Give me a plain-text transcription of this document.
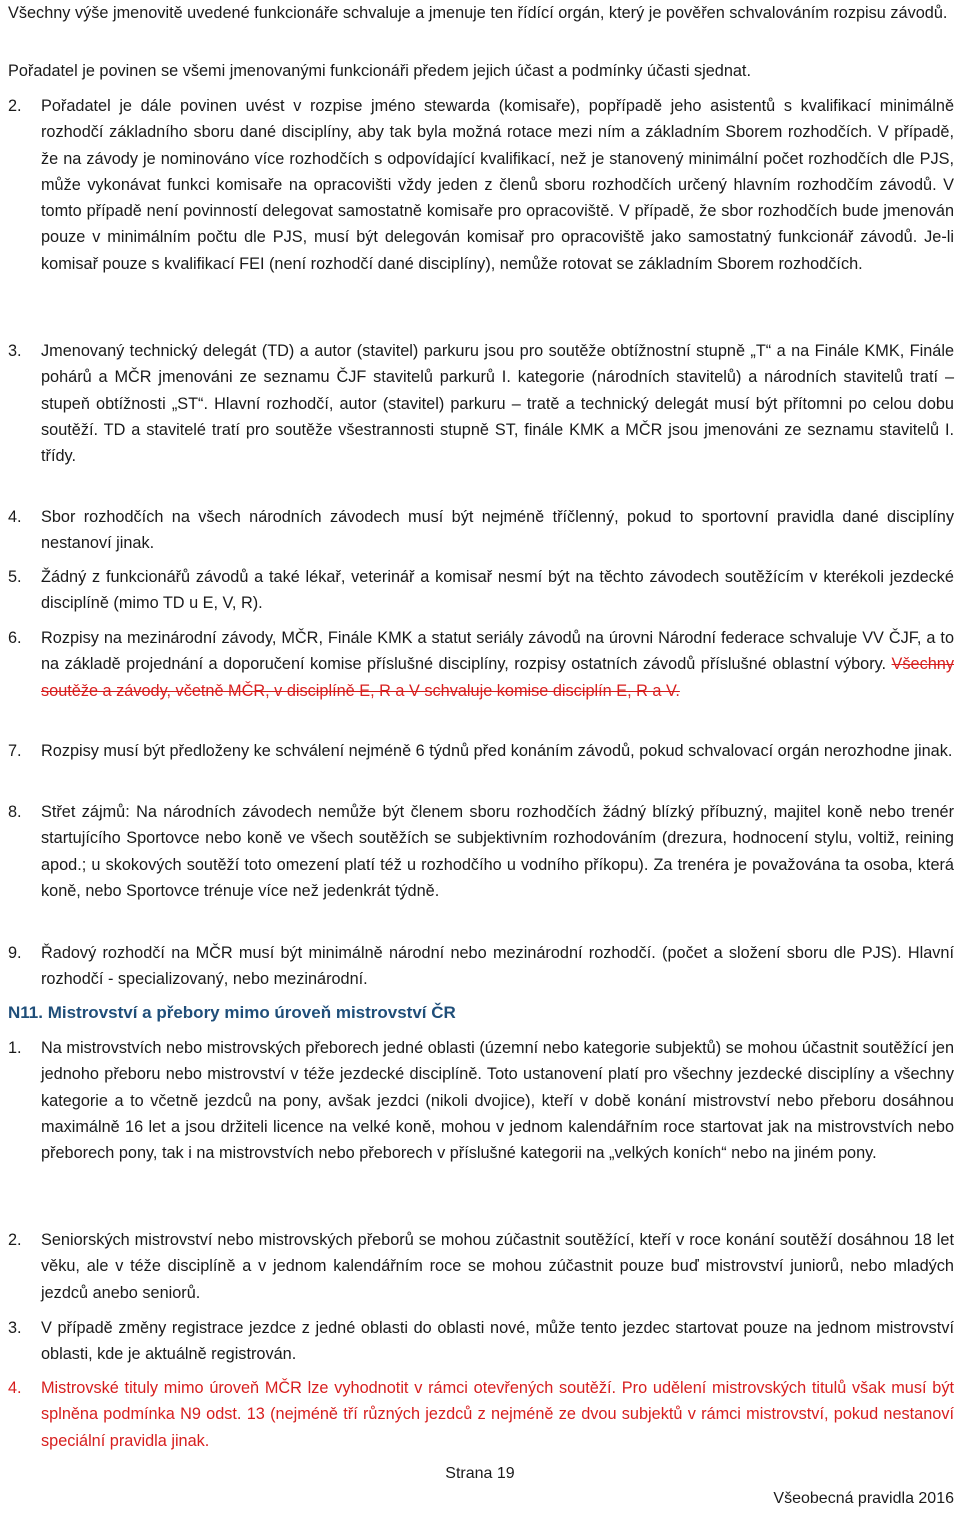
Všechny výše jmenovitě uvedené funkcionáře schvaluje a jmenuje ten řídící orgán, který je pověřen schvalováním rozpisu závodů.

Pořadatel je povinen se všemi jmenovanými funkcionáři předem jejich účast a podmínky účasti sjednat.

2. Pořadatel je dále povinen uvést v rozpise jméno stewarda (komisaře), popřípadě jeho asistentů s kvalifikací minimálně rozhodčí základního sboru dané disciplíny, aby tak byla možná rotace mezi ním a základním Sborem rozhodčích. V případě, že na závody je nominováno více rozhodčích s odpovídající kvalifikací, než je stanovený minimální počet rozhodčích dle PJS, může vykonávat funkci komisaře na opracovišti vždy jeden z členů sboru rozhodčích určený hlavním rozhodčím závodů. V tomto případě není povinností delegovat samostatně komisaře pro opracoviště. V případě, že sbor rozhodčích bude jmenován pouze v minimálním počtu dle PJS, musí být delegován komisař pro opracoviště jako samostatný funkcionář závodů. Je-li komisař pouze s kvalifikací FEI (není rozhodčí dané disciplíny), nemůže rotovat se základním Sborem rozhodčích.

3. Jmenovaný technický delegát (TD) a autor (stavitel) parkuru jsou pro soutěže obtížnostní stupně „T“ a na Finále KMK, Finále pohárů a MČR jmenováni ze seznamu ČJF stavitelů parkurů I. kategorie (národních stavitelů) a národních stavitelů tratí – stupeň obtížnosti „ST“. Hlavní rozhodčí, autor (stavitel) parkuru – tratě a technický delegát musí být přítomni po celou dobu soutěží. TD a stavitelé tratí pro soutěže všestrannosti stupně ST, finále KMK a MČR jsou jmenováni ze seznamu stavitelů I. třídy.

4. Sbor rozhodčích na všech národních závodech musí být nejméně tříčlenný, pokud to sportovní pravidla dané disciplíny nestanoví jinak.

5. Žádný z funkcionářů závodů a také lékař, veterinář a komisař nesmí být na těchto závodech soutěžícím v kterékoli jezdecké disciplíně (mimo TD u E, V, R).

6. Rozpisy na mezinárodní závody, MČR, Finále KMK a statut seriály závodů na úrovni Národní federace schvaluje VV ČJF, a to na základě projednání a doporučení komise příslušné disciplíny, rozpisy ostatních závodů příslušné oblastní výbory. Všechny soutěže a závody, včetně MČR, v disciplíně E, R a V schvaluje komise disciplín E, R a V.

7. Rozpisy musí být předloženy ke schválení nejméně 6 týdnů před konáním závodů, pokud schvalovací orgán nerozhodne jinak.

8. Střet zájmů: Na národních závodech nemůže být členem sboru rozhodčích žádný blízký příbuzný, majitel koně nebo trenér startujícího Sportovce nebo koně ve všech soutěžích se subjektivním rozhodováním (drezura, hodnocení stylu, voltiž, reining apod.; u skokových soutěží toto omezení platí též u rozhodčího u vodního příkopu). Za trenéra je považována ta osoba, která koně, nebo Sportovce trénuje více než jedenkrát týdně.

9. Řadový rozhodčí na MČR musí být minimálně národní nebo mezinárodní rozhodčí. (počet a složení sboru dle PJS). Hlavní rozhodčí - specializovaný, nebo mezinárodní.

N11. Mistrovství a přebory mimo úroveň mistrovství ČR
1. Na mistrovstvích nebo mistrovských přeborech jedné oblasti (územní nebo kategorie subjektů) se mohou účastnit soutěžící jen jednoho přeboru nebo mistrovství v téže jezdecké disciplíně. Toto ustanovení platí pro všechny jezdecké disciplíny a všechny kategorie a to včetně jezdců na pony, avšak jezdci (nikoli dvojice), kteří v době konání mistrovství nebo přeboru dosáhnou maximálně 16 let a jsou držiteli licence na velké koně, mohou v jednom kalendářním roce startovat jak na mistrovstvích nebo přeborech pony, tak i na mistrovstvích nebo přeborech v příslušné kategorii na „velkých koních“ nebo na jiném pony.

2. Seniorských mistrovství nebo mistrovských přeborů se mohou zúčastnit soutěžící, kteří v roce konání soutěží dosáhnou 18 let věku, ale v téže disciplíně a v jednom kalendářním roce se mohou zúčastnit pouze buď mistrovství juniorů, nebo mladých jezdců anebo seniorů.

3. V případě změny registrace jezdce z jedné oblasti do oblasti nové, může tento jezdec startovat pouze na jednom mistrovství oblasti, kde je aktuálně registrován.

4. Mistrovské tituly mimo úroveň MČR lze vyhodnotit v rámci otevřených soutěží. Pro udělení mistrovských titulů však musí být splněna podmínka N9 odst. 13 (nejméně tří různých jezdců z nejméně ze dvou subjektů v rámci mistrovství, pokud nestanoví speciální pravidla jinak.

Strana 19
Všeobecná pravidla 2016
